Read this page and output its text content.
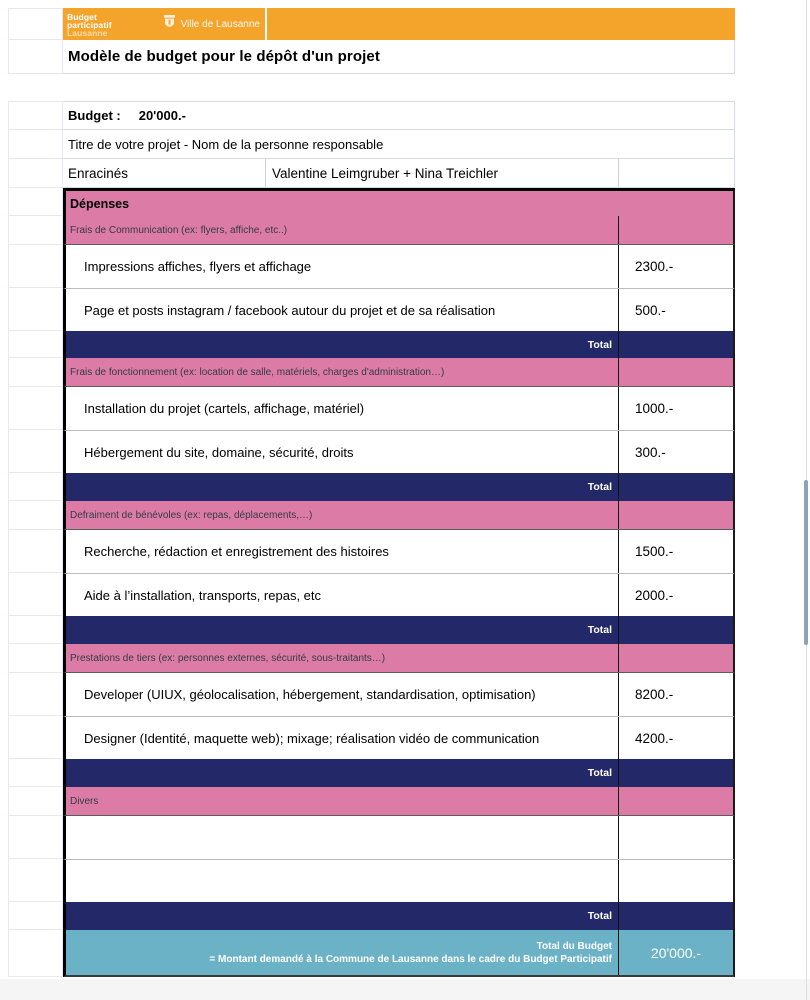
Budget
participatif
Lausanne
Ville de Lausanne
Modèle de budget pour le dépôt d'un projet
Budget : 20'000.-
Titre de votre projet - Nom de la personne responsable
Enracinés	Valentine Leimgruber + Nina Treichler
Dépenses
Frais de Communication (ex: flyers, affiche, etc..)
Impressions affiches, flyers et affichage	2300.-
Page et posts instagram / facebook autour du projet et de sa réalisation	500.-
Total
Frais de fonctionnement (ex: location de salle, matériels, charges d'administration…)
Installation du projet (cartels, affichage, matériel)	1000.-
Hébergement du site, domaine, sécurité, droits	300.-
Total
Defraiment de bénévoles (ex: repas, déplacements,…)
Recherche, rédaction et enregistrement des histoires	1500.-
Aide à l’installation, transports, repas, etc	2000.-
Total
Prestations de tiers (ex: personnes externes, sécurité, sous-traitants…)
Developer (UIUX, géolocalisation, hébergement, standardisation, optimisation)	8200.-
Designer (Identité, maquette web); mixage; réalisation vidéo de communication	4200.-
Total
Divers
Total
Total du Budget
= Montant demandé à la Commune de Lausanne dans le cadre du Budget Participatif	20'000.-
